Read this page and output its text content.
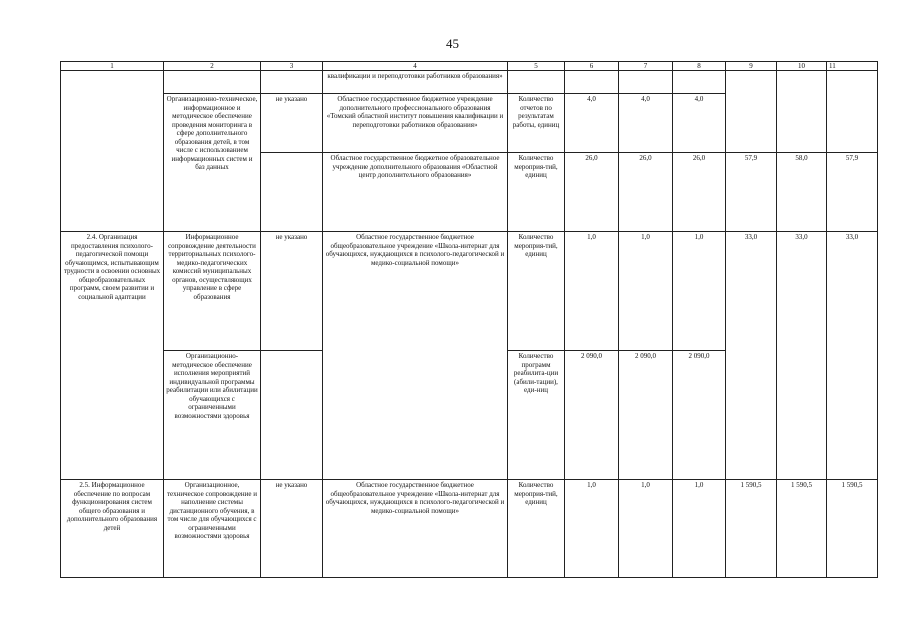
45
1	2	3	4	5	6	7	8	9	10	11
			квалификации и переподготовки работников образования»							
	Организационно-техническое, информационное и методическое обеспечение проведения мониторинга в сфере дополнительного образования детей, в том числе с использованием информационных систем и баз данных	не указано	Областное государственное бюджетное учреждение дополнительного профессионального образования «Томский областной институт повышения квалификации и переподготовки работников образования»	Количество отчетов по результатам работы, единиц	4,0	4,0	4,0			
			Областное государственное бюджетное образовательное учреждение дополнительного образования «Областной центр дополнительного образования»	Количество мероприя-тий, единиц	26,0	26,0	26,0	57,9	58,0	57,9
2.4. Организация предоставления психолого-педагогической помощи обучающимся, испытывающим трудности в освоении основных общеобразовательных программ, своем развитии и социальной адаптации	Информационное сопровождение деятельности территориальных психолого-медико-педагогических комиссий муниципальных органов, осуществляющих управление в сфере образования	не указано	Областное государственное бюджетное общеобразовательное учреждение «Школа-интернат для обучающихся, нуждающихся в психолого-педагогической и медико-социальной помощи»	Количество мероприя-тий, единиц	1,0	1,0	1,0	33,0	33,0	33,0
	Организационно-методическое обеспечение исполнения мероприятий индивидуальной программы реабилитации или абилитации обучающихся с ограниченными возможностями здоровья			Количество программ реабилита-ции (абили-тации), еди-ниц	2 090,0	2 090,0	2 090,0			
2.5. Информационное обеспечение по вопросам функционирования систем общего образования и дополнительного образования детей	Организационное, техническое сопровождение и наполнение системы дистанционного обучения, в том числе для обучающихся с ограниченными возможностями здоровья	не указано	Областное государственное бюджетное общеобразовательное учреждение «Школа-интернат для обучающихся, нуждающихся в психолого-педагогической и медико-социальной помощи»	Количество мероприя-тий, единиц	1,0	1,0	1,0	1 590,5	1 590,5	1 590,5
